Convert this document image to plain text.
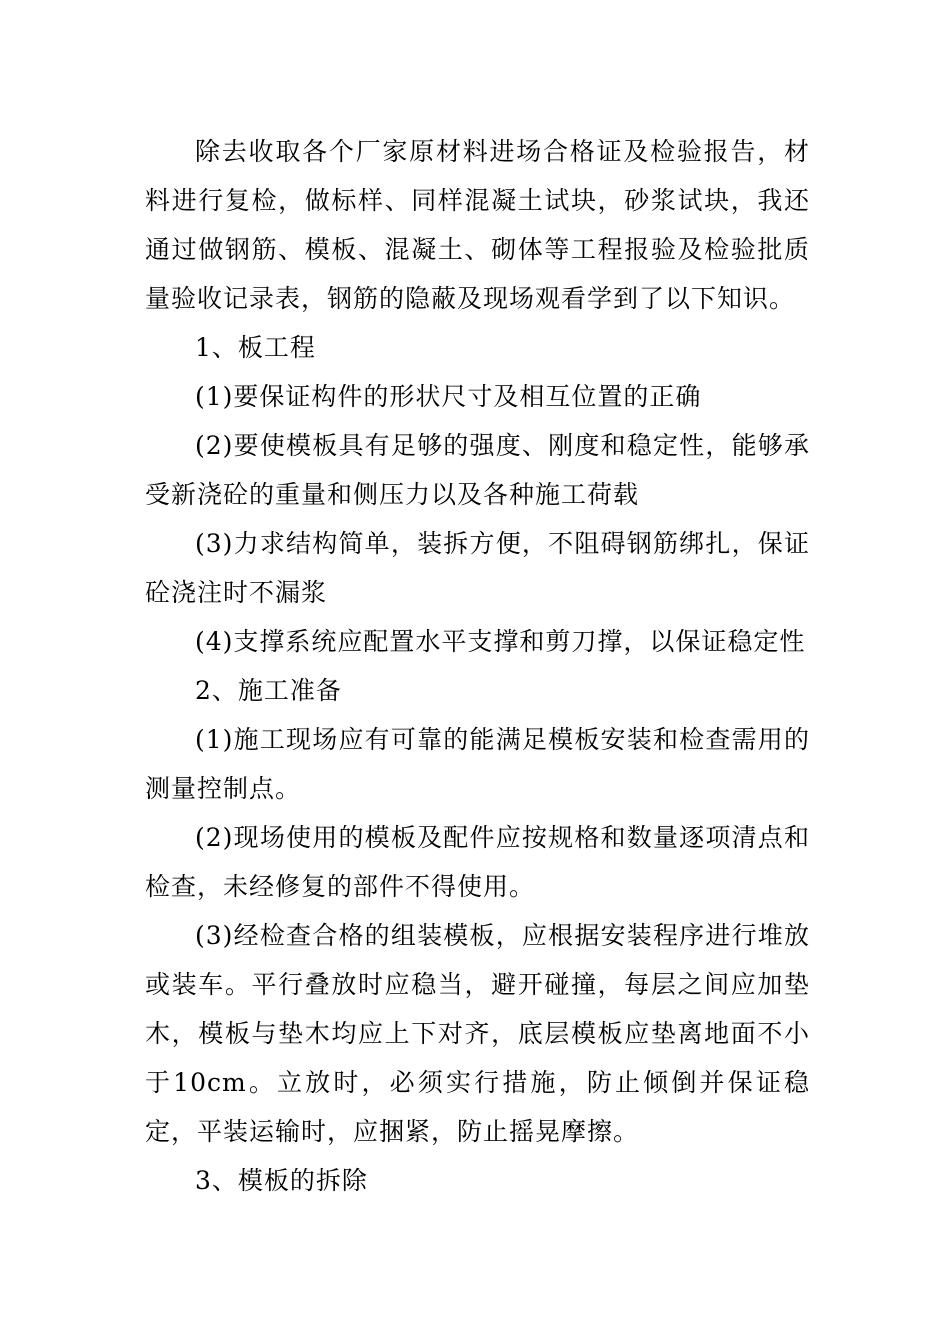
除去收取各个厂家原材料进场合格证及检验报告，材料进行复检，做标样、同样混凝土试块，砂浆试块，我还通过做钢筋、模板、混凝土、砌体等工程报验及检验批质量验收记录表，钢筋的隐蔽及现场观看学到了以下知识。

1、板工程

(1)要保证构件的形状尺寸及相互位置的正确

(2)要使模板具有足够的强度、刚度和稳定性，能够承受新浇砼的重量和侧压力以及各种施工荷载

(3)力求结构简单，装拆方便，不阻碍钢筋绑扎，保证砼浇注时不漏浆

(4)支撑系统应配置水平支撑和剪刀撑，以保证稳定性

2、施工准备

(1)施工现场应有可靠的能满足模板安装和检查需用的测量控制点。

(2)现场使用的模板及配件应按规格和数量逐项清点和检查，未经修复的部件不得使用。

(3)经检查合格的组装模板，应根据安装程序进行堆放或装车。平行叠放时应稳当，避开碰撞，每层之间应加垫木，模板与垫木均应上下对齐，底层模板应垫离地面不小于10cm。立放时，必须实行措施，防止倾倒并保证稳定，平装运输时，应捆紧，防止摇晃摩擦。

3、模板的拆除
